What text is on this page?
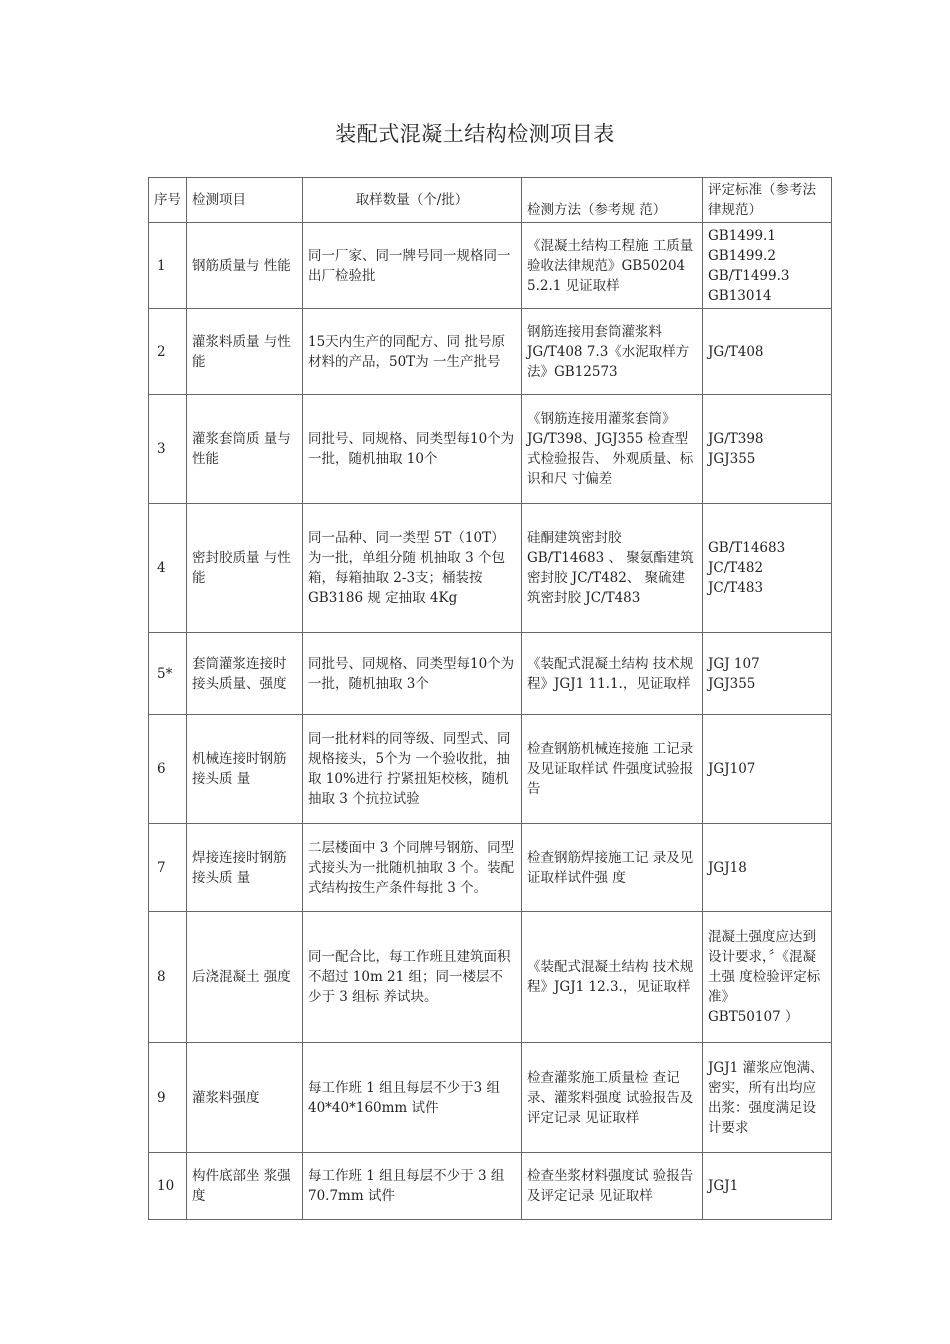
装配式混凝土结构检测项目表
序号	检测项目	取样数量（个/批）	检测方法（参考规 范）	评定标准（参考法律规范）
1	钢筋质量与 性能	同一厂家、同一牌号同一规格同一出厂检验批	《混凝土结构工程施 工质量验收法律规范》GB50204 5.2.1 见证取样	GB1499.1
GB1499.2
GB/T1499.3
GB13014

2	灌浆料质量 与性能	15天内生产的同配方、同 批号原材料的产品，50T为 一生产批号	钢筋连接用套筒灌浆料 JG/T408 7.3《水泥取样方法》GB12573	JG/T408

3	灌浆套筒质 量与性能	同批号、同规格、同类型每10个为一批，随机抽取 10个	《钢筋连接用灌浆套筒》JG/T398、JGJ355 检查型式检验报告、 外观质量、标识和尺 寸偏差	JG/T398
JGJ355

4	密封胶质量 与性能	同一品种、同一类型 5T（10T）为一批，单组分随 机抽取 3 个包箱，每箱抽取 2-3支；桶装按 GB3186 规 定抽取 4Kg	硅酮建筑密封胶 GB/T14683 、 聚氨酯建筑密封胶 JC/T482、 聚硫建筑密封胶 JC/T483	GB/T14683
JC/T482
JC/T483

5*	套筒灌浆连接时接头质量、强度	同批号、同规格、同类型每10个为一批，随机抽取 3个	《装配式混凝土结构 技术规程》JGJ1 11.1.，见证取样	JGJ 107
JGJ355

6	机械连接时钢筋接头质 量	同一批材料的同等级、同型式、同规格接头，5个为 一个验收批，抽取 10%进行 拧紧扭矩校核，随机抽取 3 个抗拉试验	检查钢筋机械连接施 工记录及见证取样试 件强度试验报告	JGJ107

7	焊接连接时钢筋接头质 量	二层楼面中 3 个同牌号钢筋、同型式接头为一批随机抽取 3 个。装配式结构按生产条件每批 3 个。	检查钢筋焊接施工记 录及见证取样试件强 度	JGJ18

8	后浇混凝土 强度	同一配合比，每工作班且建筑面积不超过 10m 21 组；同一楼层不少于 3 组标 养试块。	《装配式混凝土结构 技术规程》JGJ1 12.3.，见证取样	混凝土强度应达到设计要求，〞《混凝土强 度检验评定标准》
GBT50107 ）

9	灌浆料强度	每工作班 1 组且每层不少于3 组 40*40*160mm 试件	检查灌浆施工质量检 查记录、灌浆料强度 试验报告及评定记录 见证取样	JGJ1 灌浆应饱满、密实，所有出均应出浆：强度满足设计要求

10	构件底部坐 浆强度	每工作班 1 组且每层不少于 3 组 70.7mm 试件	检查坐浆材料强度试 验报告及评定记录 见证取样	JGJ1
